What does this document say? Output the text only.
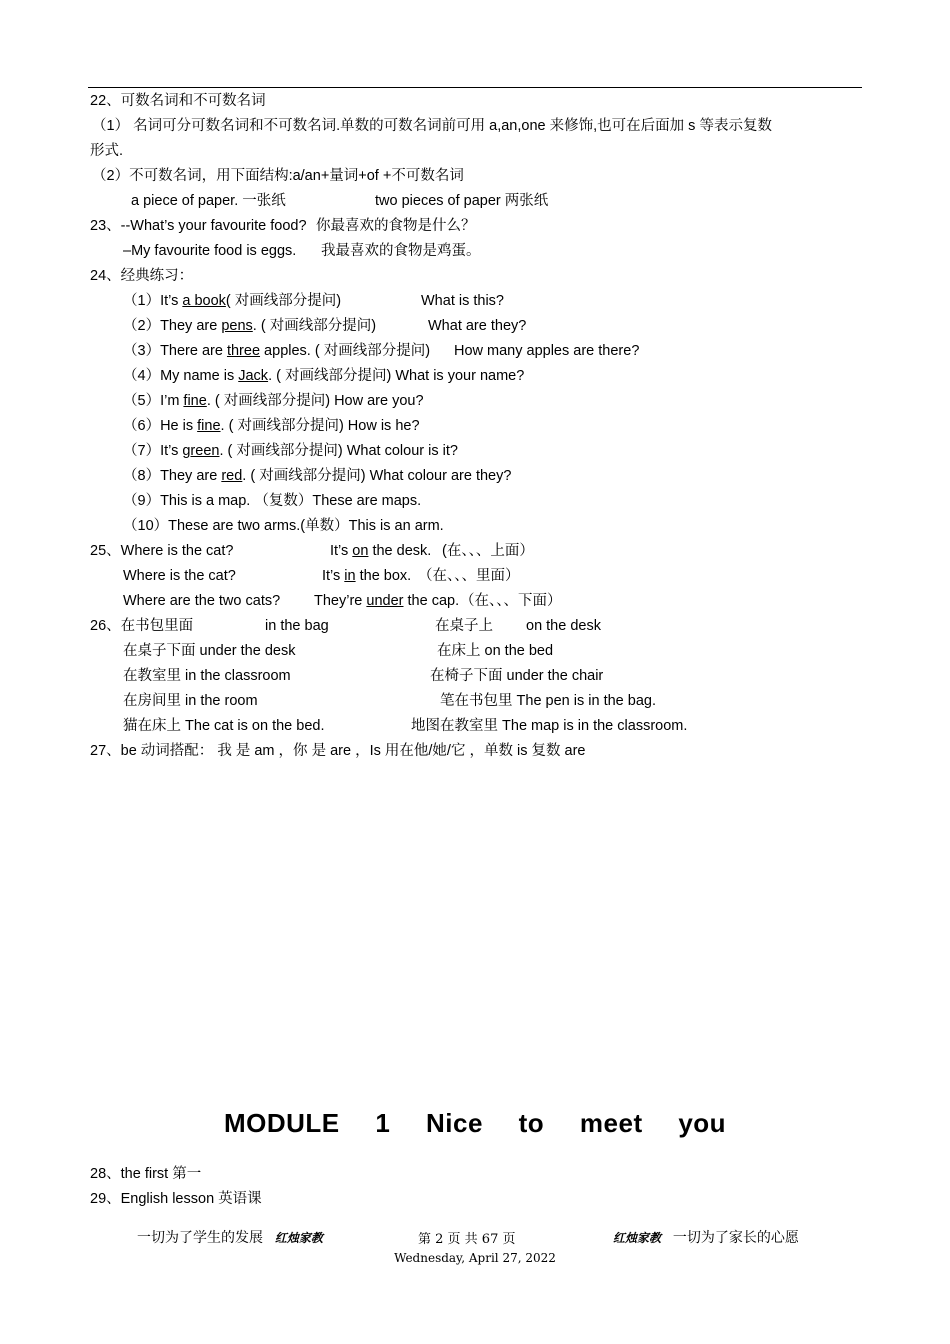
22、可数名词和不可数名词
（1） 名词可分可数名词和不可数名词.单数的可数名词前可用 a,an,one 来修饰,也可在后面加 s 等表示复数
形式.
（2）不可数名词，用下面结构:a/an+量词+of +不可数名词
a piece of paper. 一张纸	two pieces of paper 两张纸
23、--What’s your favourite food? 你最喜欢的食物是什么？
–My favourite food is eggs. 我最喜欢的食物是鸡蛋。
24、经典练习：
（1）It’s a book( 对画线部分提问)	What is this?
（2）They are pens. ( 对画线部分提问)	What are they?
（3）There are three apples. ( 对画线部分提问) How many apples are there?
（4）My name is Jack. ( 对画线部分提问) What is your name?
（5）I’m fine. ( 对画线部分提问) How are you?
（6）He is fine. ( 对画线部分提问) How is he?
（7）It’s green. ( 对画线部分提问) What colour is it?
（8）They are red. ( 对画线部分提问) What colour are they?
（9）This is a map. （复数）These are maps.
（10）These are two arms.(单数）This is an arm.
25、Where is the cat?	It’s on the desk. (在、、、上面）
Where is the cat?	It’s in the box. （在、、、里面）
Where are the two cats? They’re under the cap. （在、、、下面）
26、在书包里面	in the bag	在桌子上 on the desk
在桌子下面 under the desk	在床上 on the bed
在教室里 in the classroom	在椅子下面 under the chair
在房间里 in the room	笔在书包里 The pen is in the bag.
猫在床上 The cat is on the bed.	地图在教室里 The map is in the classroom.
27、be 动词搭配： 我 是 am ，你 是 are ，Is 用在他/她/它 ，单数 is 复数 are
MODULE 1 Nice to meet you
28、the first 第一
29、English lesson 英语课
一切为了学生的发展 红烛家教	第 2 页 共 67 页	红烛家教 一切为了家长的心愿
Wednesday, April 27, 2022
